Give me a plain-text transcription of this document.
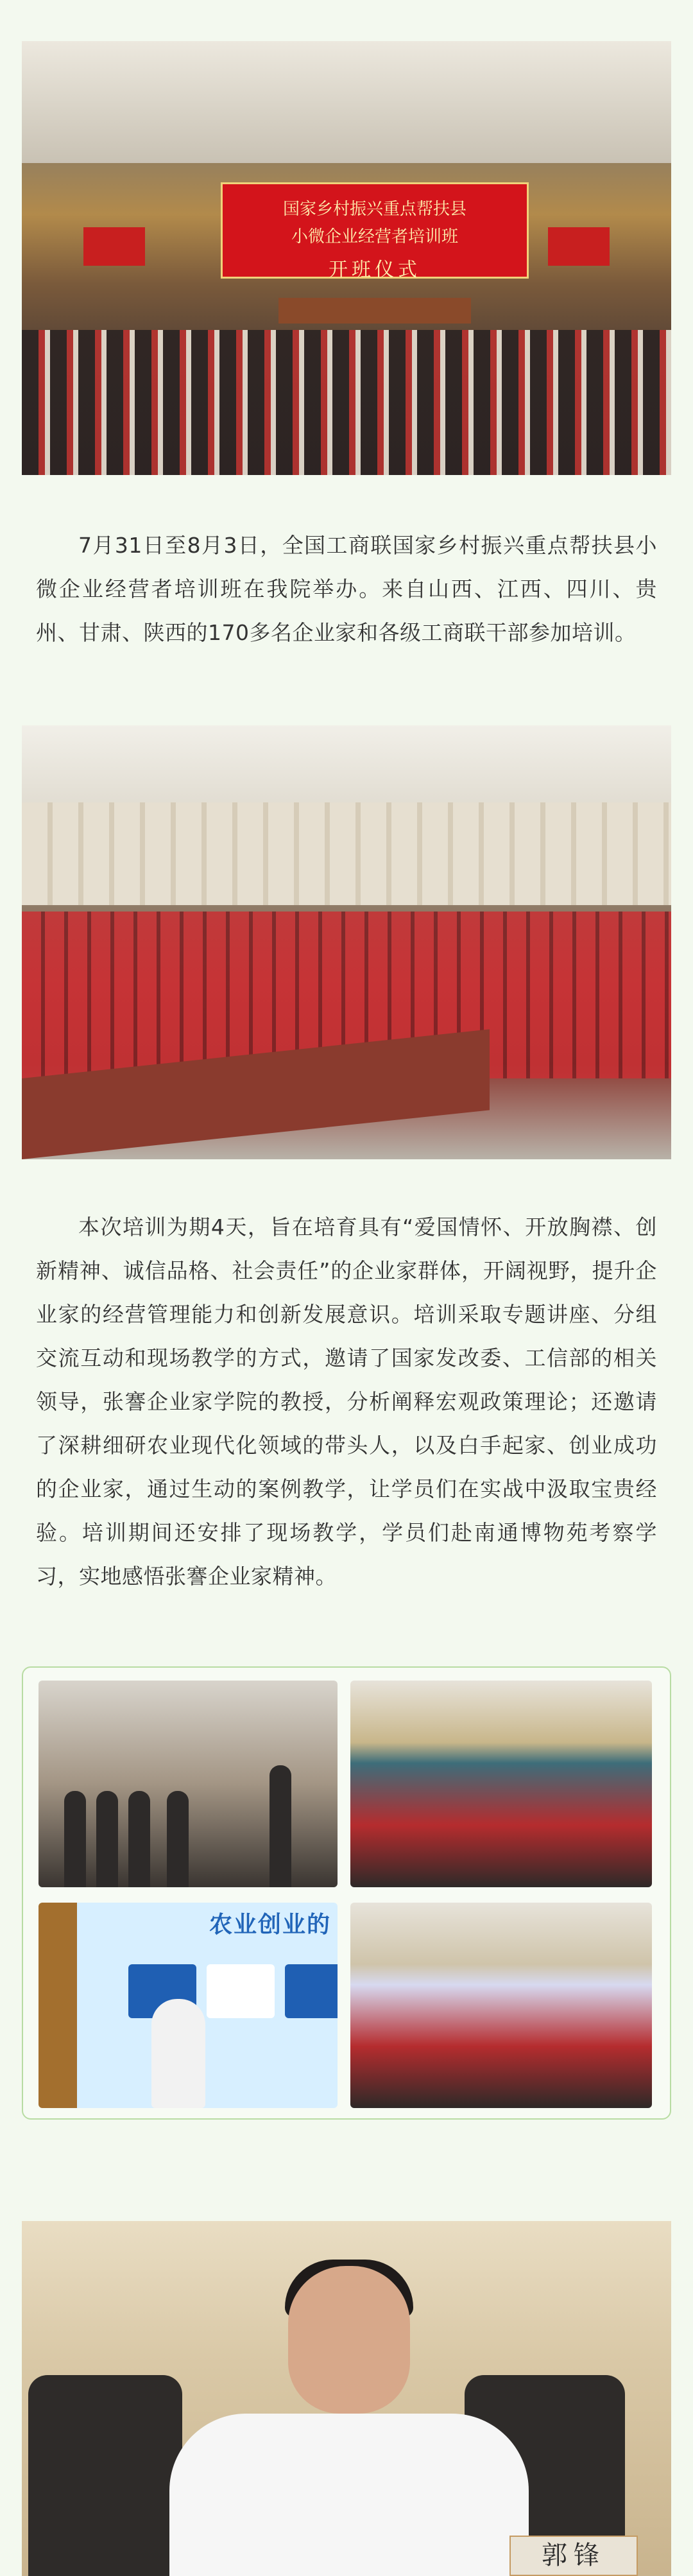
国家乡村振兴重点帮扶县
小微企业经营者培训班
开班仪式

7月31日至8月3日，全国工商联国家乡村振兴重点帮扶县小微企业经营者培训班在我院举办。来自山西、江西、四川、贵州、甘肃、陕西的170多名企业家和各级工商联干部参加培训。

本次培训为期4天，旨在培育具有“爱国情怀、开放胸襟、创新精神、诚信品格、社会责任”的企业家群体，开阔视野，提升企业家的经营管理能力和创新发展意识。培训采取专题讲座、分组交流互动和现场教学的方式，邀请了国家发改委、工信部的相关领导，张謇企业家学院的教授，分析阐释宏观政策理论；还邀请了深耕细研农业现代化领域的带头人，以及白手起家、创业成功的企业家，通过生动的案例教学，让学员们在实战中汲取宝贵经验。培训期间还安排了现场教学，学员们赴南通博物苑考察学习，实地感悟张謇企业家精神。

农业创业的
郭锋
